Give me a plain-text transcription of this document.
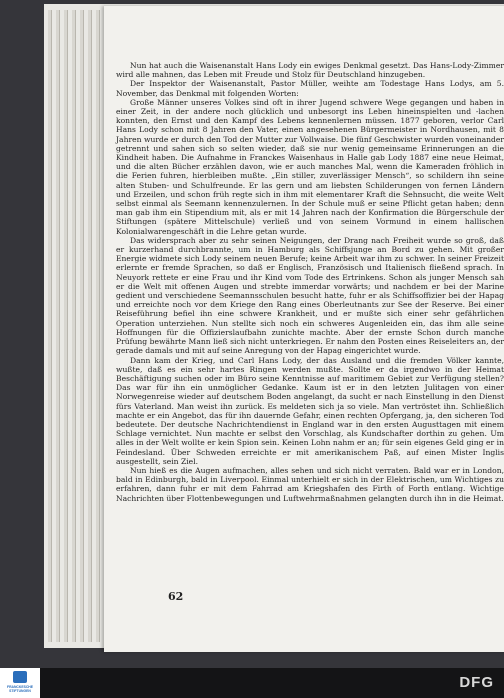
Nun hat auch die Waisenanstalt Hans Lody ein ewiges Denkmal gesetzt. Das Hans-Lody-Zimmer wird alle mahnen, das Leben mit Freude und Stolz für Deutschland hinzugeben.

Der Inspektor der Waisenanstalt, Pastor Müller, weihte am Todestage Hans Lodys, am 5. November, das Denkmal mit folgenden Worten:

Große Männer unseres Volkes sind oft in ihrer Jugend schwere Wege gegangen und haben in einer Zeit, in der andere noch glücklich und unbesorgt ins Leben hineinspielten und -lachen konnten, den Ernst und den Kampf des Lebens kennenlernen müssen. 1877 geboren, verlor Carl Hans Lody schon mit 8 Jahren den Vater, einen angesehenen Bürgermeister in Nordhausen, mit 8 Jahren wurde er durch den Tod der Mutter zur Vollwaise. Die fünf Geschwister wurden voneinander getrennt und sahen sich so selten wieder, daß sie nur wenig gemeinsame Erinnerungen an die Kindheit haben. Die Aufnahme in Franckes Waisenhaus in Halle gab Lody 1887 eine neue Heimat, und die alten Bücher erzählen davon, wie er auch manches Mal, wenn die Kameraden fröhlich in die Ferien fuhren, hierbleiben mußte. „Ein stiller, zuverlässiger Mensch“, so schildern ihn seine alten Stuben- und Schulfreunde. Er las gern und am liebsten Schilderungen von fernen Ländern und Erzeilen, und schon früh regte sich in ihm mit elementarer Kraft die Sehnsucht, die weite Welt selbst einmal als Seemann kennenzulernen. In der Schule muß er seine Pflicht getan haben; denn man gab ihm ein Stipendium mit, als er mit 14 Jahren nach der Konfirmation die Bürgerschule der Stiftungen (spätere Mittelschule) verließ und von seinem Vormund in einem hallischen Kolonialwarengeschäft in die Lehre getan wurde.

Das widersprach aber zu sehr seinen Neigungen, der Drang nach Freiheit wurde so groß, daß er kurzerhand durchbrannte, um in Hamburg als Schiffsjunge an Bord zu gehen. Mit großer Energie widmete sich Lody seinem neuen Berufe; keine Arbeit war ihm zu schwer. In seiner Freizeit erlernte er fremde Sprachen, so daß er Englisch, Französisch und Italienisch fließend sprach. In Neuyork rettete er eine Frau und ihr Kind vom Tode des Ertrinkens. Schon als junger Mensch sah er die Welt mit offenen Augen und strebte immerdar vorwärts; und nachdem er bei der Marine gedient und verschiedene Seemannsschulen besucht hatte, fuhr er als Schiffsoffizier bei der Hapag und erreichte noch vor dem Kriege den Rang eines Oberleutnants zur See der Reserve. Bei einer Reiseführung befiel ihn eine schwere Krankheit, und er mußte sich einer sehr gefährlichen Operation unterziehen. Nun stellte sich noch ein schweres Augenleiden ein, das ihm alle seine Hoffnungen für die Offizierslaufbahn zunichte machte. Aber der ernste Schon durch manche Prüfung bewährte Mann ließ sich nicht unterkriegen. Er nahm den Posten eines Reiseleiters an, der gerade damals und mit auf seine Anregung von der Hapag eingerichtet wurde.

Dann kam der Krieg, und Carl Hans Lody, der das Ausland und die fremden Völker kannte, wußte, daß es ein sehr hartes Ringen werden mußte. Sollte er da irgendwo in der Heimat Beschäftigung suchen oder im Büro seine Kenntnisse auf maritimem Gebiet zur Verfügung stellen? Das war für ihn ein unmöglicher Gedanke. Kaum ist er in den letzten Julitagen von einer Norwegenreise wieder auf deutschem Boden angelangt, da sucht er nach Einstellung in den Dienst fürs Vaterland. Man weist ihn zurück. Es meldeten sich ja so viele. Man vertröstet ihn. Schließlich machte er ein Angebot, das für ihn dauernde Gefahr, einen rechten Opfergang, ja, den sicheren Tod bedeutete. Der deutsche Nachrichtendienst in England war in den ersten Augusttagen mit einem Schlage vernichtet. Nun machte er selbst den Vorschlag, als Kundschafter dorthin zu gehen. Um alles in der Welt wollte er kein Spion sein. Keinen Lohn nahm er an; für sein eigenes Geld ging er in Feindesland. Über Schweden erreichte er mit amerikanischem Paß, auf einen Mister Inglis ausgestellt, sein Ziel.

Nun hieß es die Augen aufmachen, alles sehen und sich nicht verraten. Bald war er in London, bald in Edinburgh, bald in Liverpool. Einmal unterhielt er sich in der Elektrischen, um Wichtiges zu erfahren, dann fuhr er mit dem Fahrrad am Kriegshafen des Firth of Forth entlang. Wichtige Nachrichten über Flottenbewegungen und Luftwehrmaßnahmen gelangten durch ihn in die Heimat.

62
FRANCKESCHE STIFTUNGEN	DFG
